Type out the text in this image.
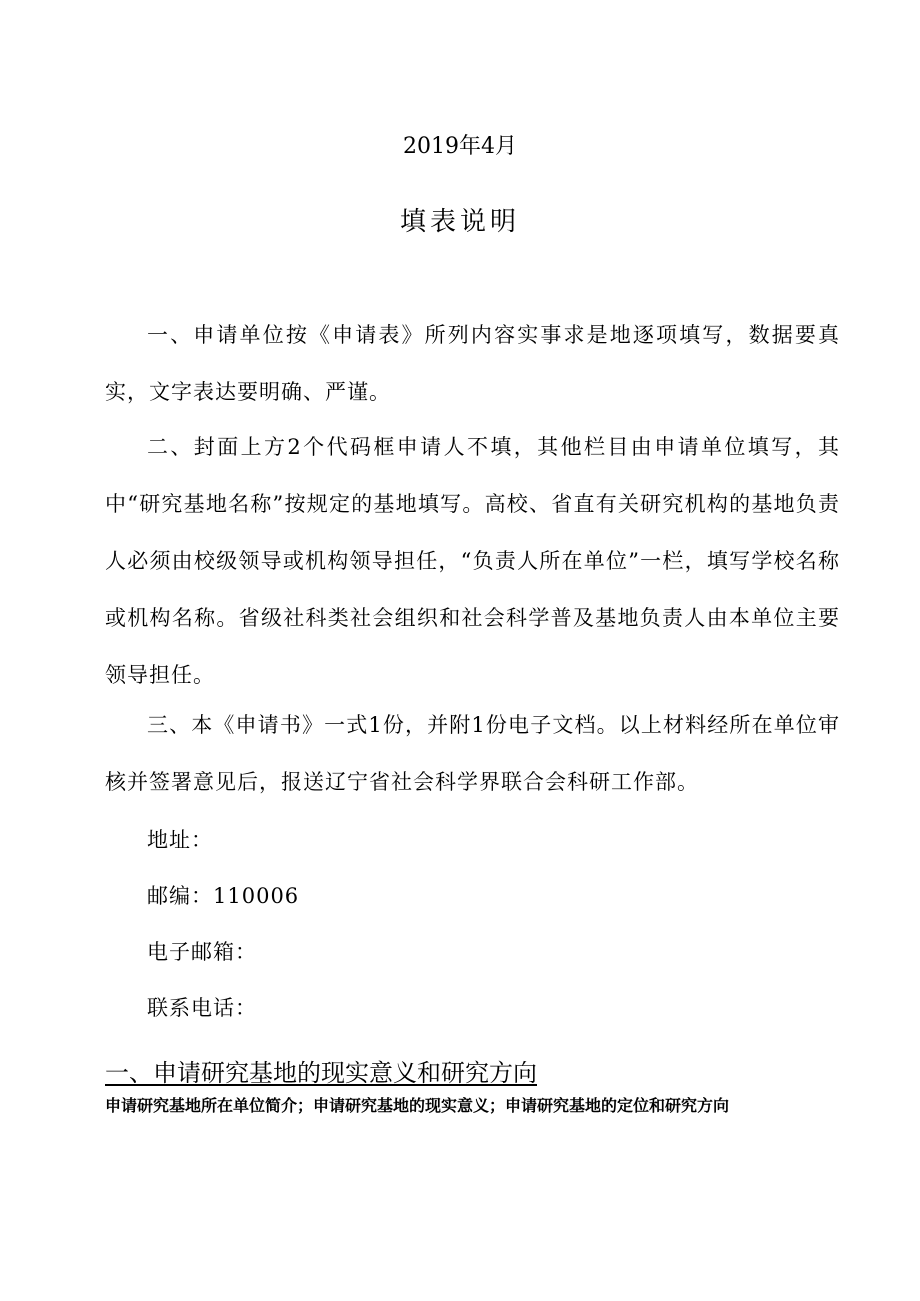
2019年4月
填表说明
一、申请单位按《申请表》所列内容实事求是地逐项填写，数据要真实，文字表达要明确、严谨。
二、封面上方2个代码框申请人不填，其他栏目由申请单位填写，其中“研究基地名称”按规定的基地填写。高校、省直有关研究机构的基地负责人必须由校级领导或机构领导担任，“负责人所在单位”一栏，填写学校名称或机构名称。省级社科类社会组织和社会科学普及基地负责人由本单位主要领导担任。
三、本《申请书》一式1份，并附1份电子文档。以上材料经所在单位审核并签署意见后，报送辽宁省社会科学界联合会科研工作部。
地址：
邮编：110006
电子邮箱：
联系电话：
一、申请研究基地的现实意义和研究方向
申请研究基地所在单位简介；申请研究基地的现实意义；申请研究基地的定位和研究方向
